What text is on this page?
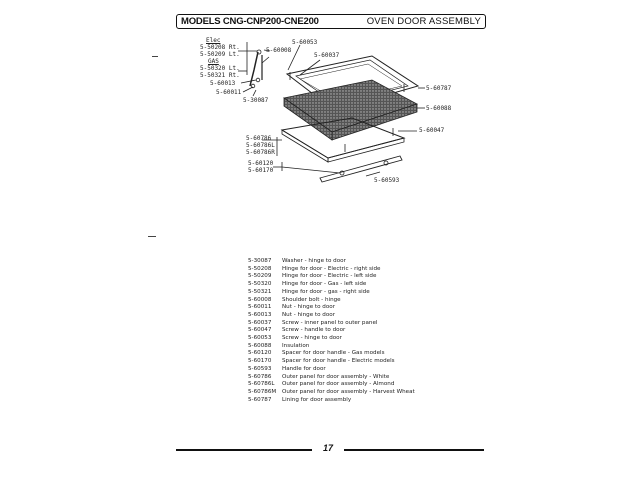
MODELS CNG-CNP200-CNE200	OVEN DOOR ASSEMBLY
Elec
5-50208 Rt.
5-50209 Lt.
GAS
5-50320 Lt.
5-50321 Rt.
5-60013
5-60011
5-30087
5-60008
5-60053
5-60037
5-60787
5-60088
5-60047
5-60786
5-60786L
5-60786R
5-60120
5-60170
5-60593
5-30087	Washer - hinge to door
5-50208	Hinge for door - Electric - right side
5-50209	Hinge for door - Electric - left side
5-50320	Hinge for door - Gas - left side
5-50321	Hinge for door - gas - right side
5-60008	Shoulder bolt - hinge
5-60011	Nut - hinge to door
5-60013	Nut - hinge to door
5-60037	Screw - inner panel to outer panel
5-60047	Screw - handle to door
5-60053	Screw - hinge to door
5-60088	Insulation
5-60120	Spacer for door handle - Gas models
5-60170	Spacer for door handle - Electric models
5-60593	Handle for door
5-60786	Outer panel for door assembly - White
5-60786L	Outer panel for door assembly - Almond
5-60786M	Outer panel for door assembly - Harvest Wheat
5-60787	Lining for door assembly
17
